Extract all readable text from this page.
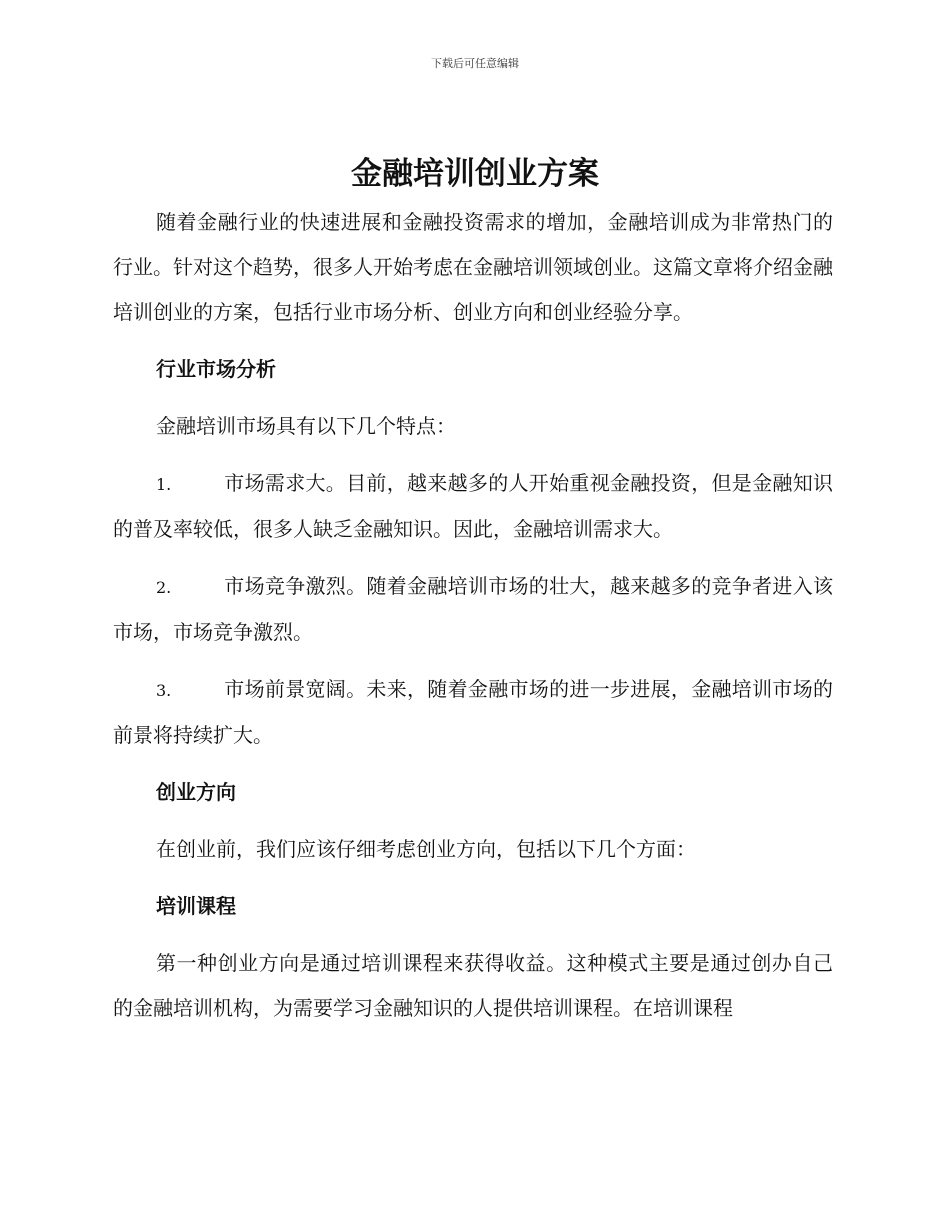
下载后可任意编辑
金融培训创业方案

随着金融行业的快速进展和金融投资需求的增加，金融培训成为非常热门的行业。针对这个趋势，很多人开始考虑在金融培训领域创业。这篇文章将介绍金融培训创业的方案，包括行业市场分析、创业方向和创业经验分享。

行业市场分析

金融培训市场具有以下几个特点：

1.	市场需求大。目前，越来越多的人开始重视金融投资，但是金融知识的普及率较低，很多人缺乏金融知识。因此，金融培训需求大。

2.	市场竞争激烈。随着金融培训市场的壮大，越来越多的竞争者进入该市场，市场竞争激烈。

3.	市场前景宽阔。未来，随着金融市场的进一步进展，金融培训市场的前景将持续扩大。

创业方向

在创业前，我们应该仔细考虑创业方向，包括以下几个方面：

培训课程

第一种创业方向是通过培训课程来获得收益。这种模式主要是通过创办自己的金融培训机构，为需要学习金融知识的人提供培训课程。在培训课程
